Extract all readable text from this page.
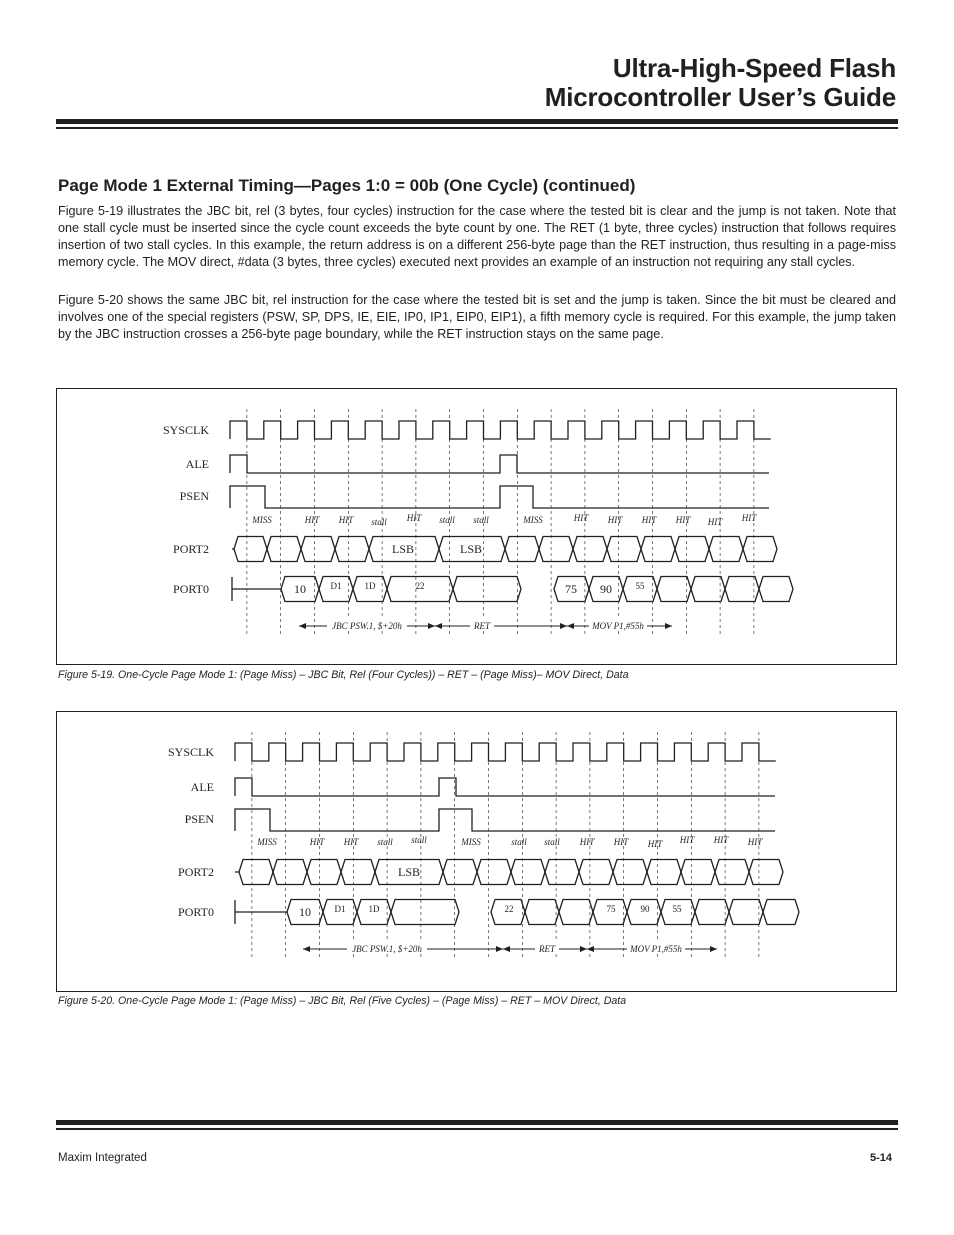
Ultra-High-Speed Flash
Microcontroller User’s Guide
Page Mode 1 External Timing—Pages 1:0 = 00b (One Cycle) (continued)
Figure 5-19 illustrates the JBC bit, rel (3 bytes, four cycles) instruction for the case where the tested bit is clear and the jump is not taken. Note that one stall cycle must be inserted since the cycle count exceeds the byte count by one. The RET (1 byte, three cycles) instruction that follows requires insertion of two stall cycles. In this example, the return address is on a different 256-byte page than the RET instruction, thus resulting in a page-miss memory cycle. The MOV direct, #data (3 bytes, three cycles) executed next provides an example of an instruction not requiring any stall cycles.
Figure 5-20 shows the same JBC bit, rel instruction for the case where the tested bit is set and the jump is taken. Since the bit must be cleared and involves one of the special registers (PSW, SP, DPS, IE, EIE, IP0, IP1, EIP0, EIP1), a fifth memory cycle is required. For this example, the jump taken by the JBC instruction crosses a 256-byte page boundary, while the RET instruction stays on the same page.
SYSCLK
ALE
PSEN
PORT2
PORT0
MISS	HIT HIT stall HIT stall stall	MISS	HIT HIT HIT HIT HIT HIT
LSB	LSB
10	D1	1D	22	75 90	55
JBC PSW.1, $+20h	RET	MOV P1,#55h
Figure 5-19. One-Cycle Page Mode 1: (Page Miss) – JBC Bit, Rel (Four Cycles)) – RET – (Page Miss)– MOV Direct, Data
SYSCLK
ALE
PSEN
PORT2
PORT0
MISS	HIT HIT stall stall	MISS	stall stall HIT HIT HIT HIT HIT HIT
LSB
10	D1	1D	22	75	90	55
JBC PSW.1, $+20h	RET	MOV P1,#55h
Figure 5-20. One-Cycle Page Mode 1: (Page Miss) – JBC Bit, Rel (Five Cycles) – (Page Miss) – RET – MOV Direct, Data
Maxim Integrated	5-14
